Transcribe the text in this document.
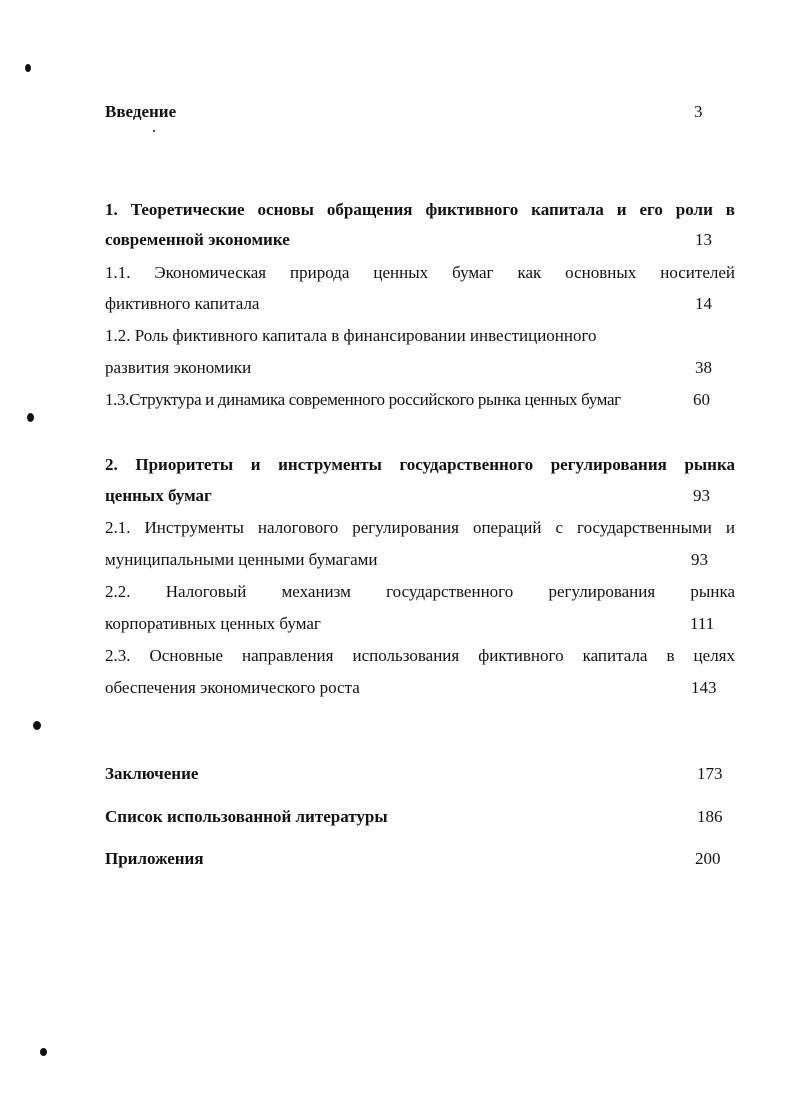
Введение	3
1. Теоретические основы обращения фиктивного капитала и его роли в
современной экономике	13
1.1. Экономическая природа ценных бумаг как основных носителей
фиктивного капитала	14
1.2. Роль фиктивного капитала в финансировании инвестиционного
развития экономики	38
1.3.Структура и динамика современного российского рынка ценных бумаг	60
2. Приоритеты и инструменты государственного регулирования рынка
ценных бумаг	93
2.1. Инструменты налогового регулирования операций с государственными и
муниципальными ценными бумагами	93
2.2. Налоговый механизм государственного регулирования рынка
корпоративных ценных бумаг	111
2.3. Основные направления использования фиктивного капитала в целях
обеспечения экономического роста	143
Заключение	173
Список использованной литературы	186
Приложения	200
